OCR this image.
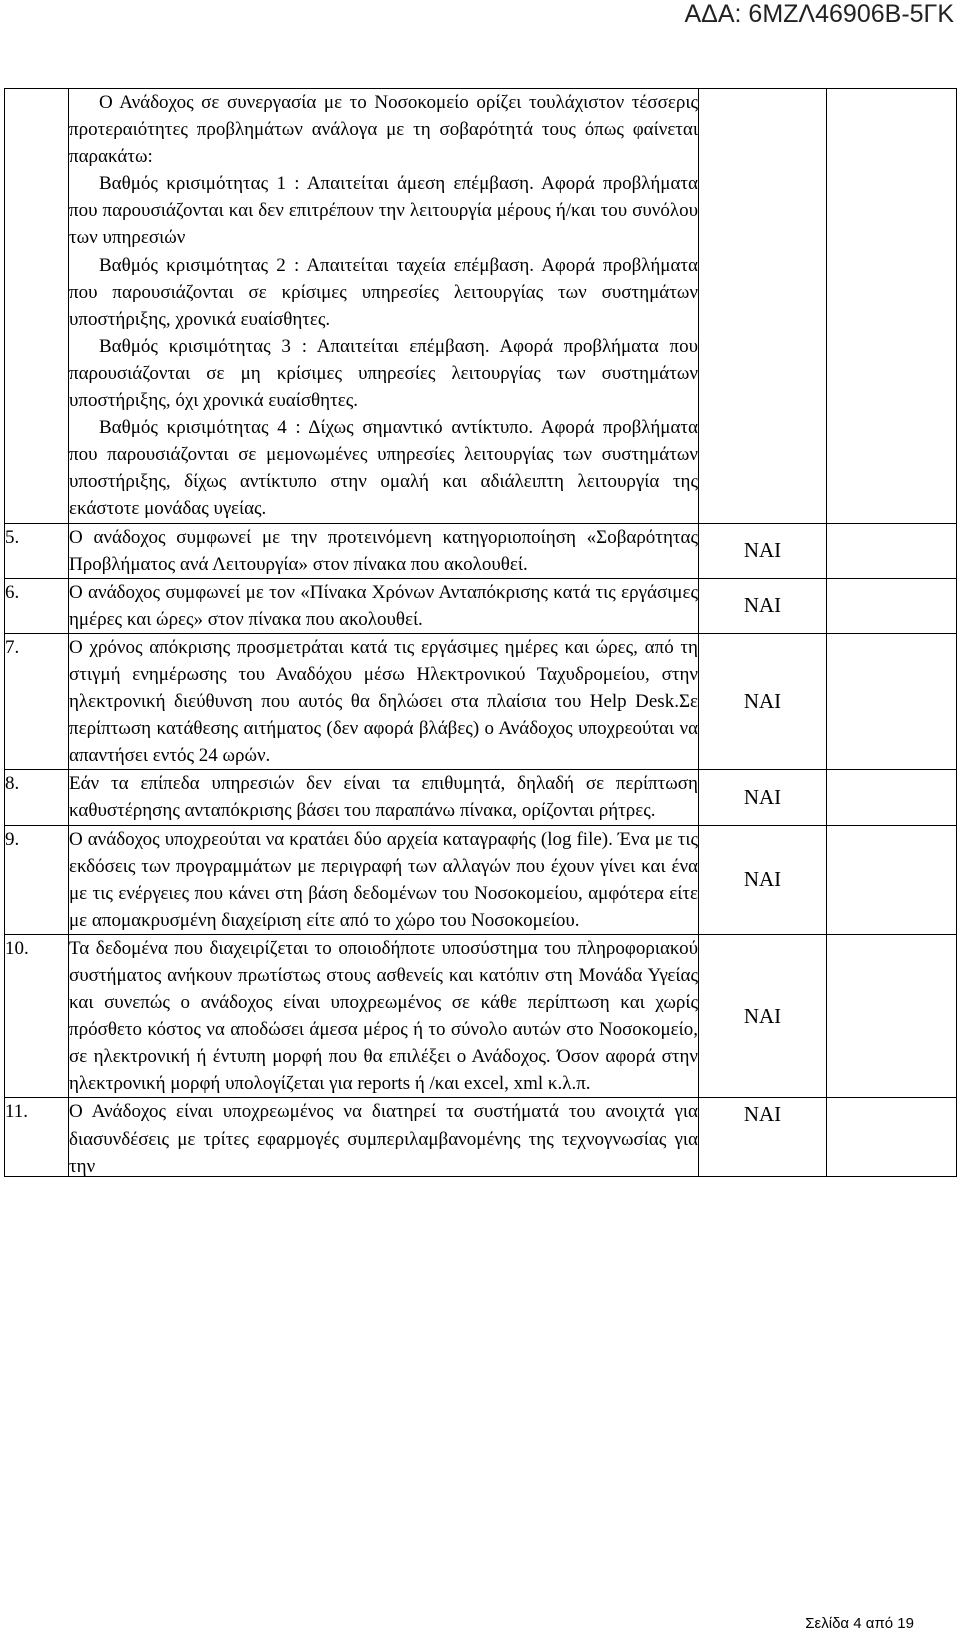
ΑΔΑ: 6ΜΖΛ46906Β-5ΓΚ

	Ο Ανάδοχος σε συνεργασία με το Νοσοκομείο ορίζει τουλάχιστον τέσσερις προτεραιότητες προβλημάτων ανάλογα με τη σοβαρότητά τους όπως φαίνεται παρακάτω:

Βαθμός κρισιμότητας 1 : Απαιτείται άμεση επέμβαση. Αφορά προβλήματα που παρουσιάζονται και δεν επιτρέπουν την λειτουργία μέρους ή/και του συνόλου των υπηρεσιών

Βαθμός κρισιμότητας 2 : Απαιτείται ταχεία επέμβαση. Αφορά προβλήματα που παρουσιάζονται σε κρίσιμες υπηρεσίες λειτουργίας των συστημάτων υποστήριξης, χρονικά ευαίσθητες.

Βαθμός κρισιμότητας 3 : Απαιτείται επέμβαση. Αφορά προβλήματα που παρουσιάζονται σε μη κρίσιμες υπηρεσίες λειτουργίας των συστημάτων υποστήριξης, όχι χρονικά ευαίσθητες.

Βαθμός κρισιμότητας 4 : Δίχως σημαντικό αντίκτυπο. Αφορά προβλήματα που παρουσιάζονται σε μεμονωμένες υπηρεσίες λειτουργίας των συστημάτων υποστήριξης, δίχως αντίκτυπο στην ομαλή και αδιάλειπτη λειτουργία της εκάστοτε μονάδας υγείας.		

5.	Ο ανάδοχος συμφωνεί με την προτεινόμενη κατηγοριοποίηση «Σοβαρότητας Προβλήματος ανά Λειτουργία» στον πίνακα που ακολουθεί.	ΝΑΙ	
6.	Ο ανάδοχος συμφωνεί με τον «Πίνακα Χρόνων Ανταπόκρισης κατά τις εργάσιμες ημέρες και ώρες» στον πίνακα που ακολουθεί.	ΝΑΙ	
7.	Ο χρόνος απόκρισης προσμετράται κατά τις εργάσιμες ημέρες και ώρες, από τη στιγμή ενημέρωσης του Αναδόχου μέσω Ηλεκτρονικού Ταχυδρομείου, στην ηλεκτρονική διεύθυνση που αυτός θα δηλώσει στα πλαίσια του Help Desk.Σε περίπτωση κατάθεσης αιτήματος (δεν αφορά βλάβες) ο Ανάδοχος υποχρεούται να απαντήσει εντός 24 ωρών.	ΝΑΙ	
8.	Εάν τα επίπεδα υπηρεσιών δεν είναι τα επιθυμητά, δηλαδή σε περίπτωση καθυστέρησης ανταπόκρισης βάσει του παραπάνω πίνακα, ορίζονται ρήτρες.	ΝΑΙ	
9.	Ο ανάδοχος υποχρεούται να κρατάει δύο αρχεία καταγραφής (log file). Ένα με τις εκδόσεις των προγραμμάτων με περιγραφή των αλλαγών που έχουν γίνει και ένα με τις ενέργειες που κάνει στη βάση δεδομένων του Νοσοκομείου, αμφότερα είτε με απομακρυσμένη διαχείριση είτε από το χώρο του Νοσοκομείου.	ΝΑΙ	
10.	Τα δεδομένα που διαχειρίζεται το οποιοδήποτε υποσύστημα του πληροφοριακού συστήματος ανήκουν πρωτίστως στους ασθενείς και κατόπιν στη Μονάδα Υγείας και συνεπώς ο ανάδοχος είναι υποχρεωμένος σε κάθε περίπτωση και χωρίς πρόσθετο κόστος να αποδώσει άμεσα μέρος ή το σύνολο αυτών στο Νοσοκομείο, σε ηλεκτρονική ή έντυπη μορφή που θα επιλέξει ο Ανάδοχος. Όσον αφορά στην ηλεκτρονική μορφή υπολογίζεται για reports ή /και excel, xml κ.λ.π.	ΝΑΙ	
11.	Ο Ανάδοχος είναι υποχρεωμένος να διατηρεί τα συστήματά του ανοιχτά για διασυνδέσεις με τρίτες εφαρμογές συμπεριλαμβανομένης της τεχνογνωσίας για την	ΝΑΙ	
Σελίδα 4 από 19
